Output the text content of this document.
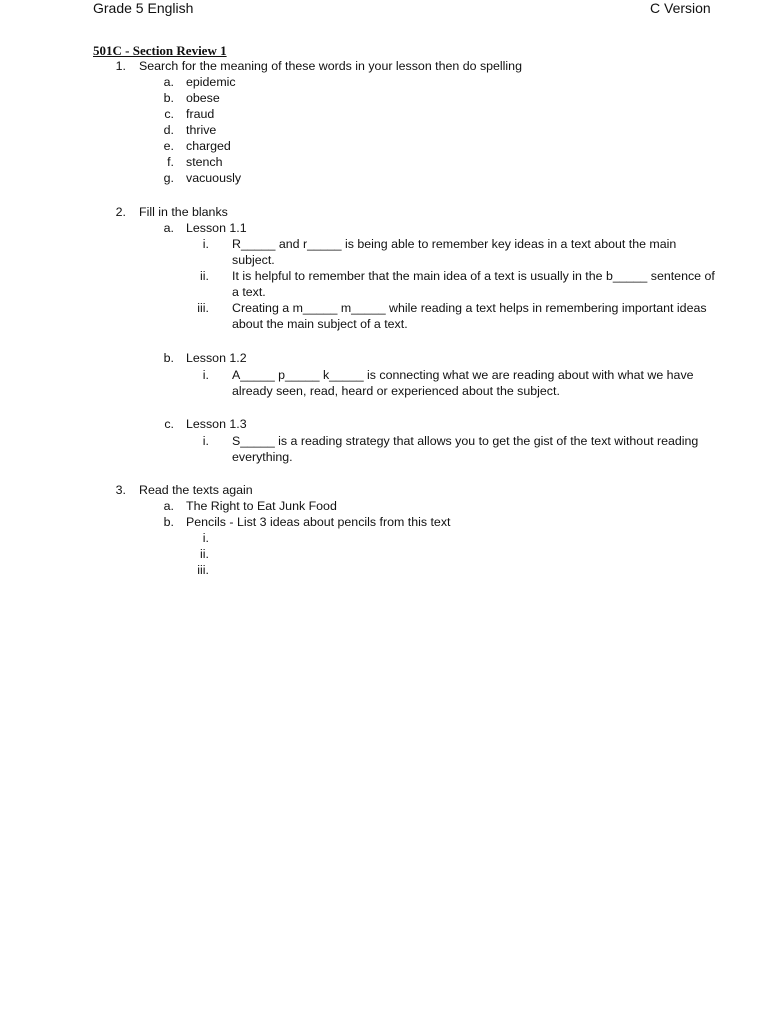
Grade 5 English	C Version
501C - Section Review 1
1. Search for the meaning of these words in your lesson then do spelling
a. epidemic
b. obese
c. fraud
d. thrive
e. charged
f. stench
g. vacuously
2. Fill in the blanks
a. Lesson 1.1
i. R_____ and r_____ is being able to remember key ideas in a text about the main subject.
ii. It is helpful to remember that the main idea of a text is usually in the b_____ sentence of a text.
iii. Creating a m_____ m_____ while reading a text helps in remembering important ideas about the main subject of a text.
b. Lesson 1.2
i. A_____ p_____ k_____ is connecting what we are reading about with what we have already seen, read, heard or experienced about the subject.
c. Lesson 1.3
i. S_____ is a reading strategy that allows you to get the gist of the text without reading everything.
3. Read the texts again
a. The Right to Eat Junk Food
b. Pencils - List 3 ideas about pencils from this text
i.
ii.
iii.
